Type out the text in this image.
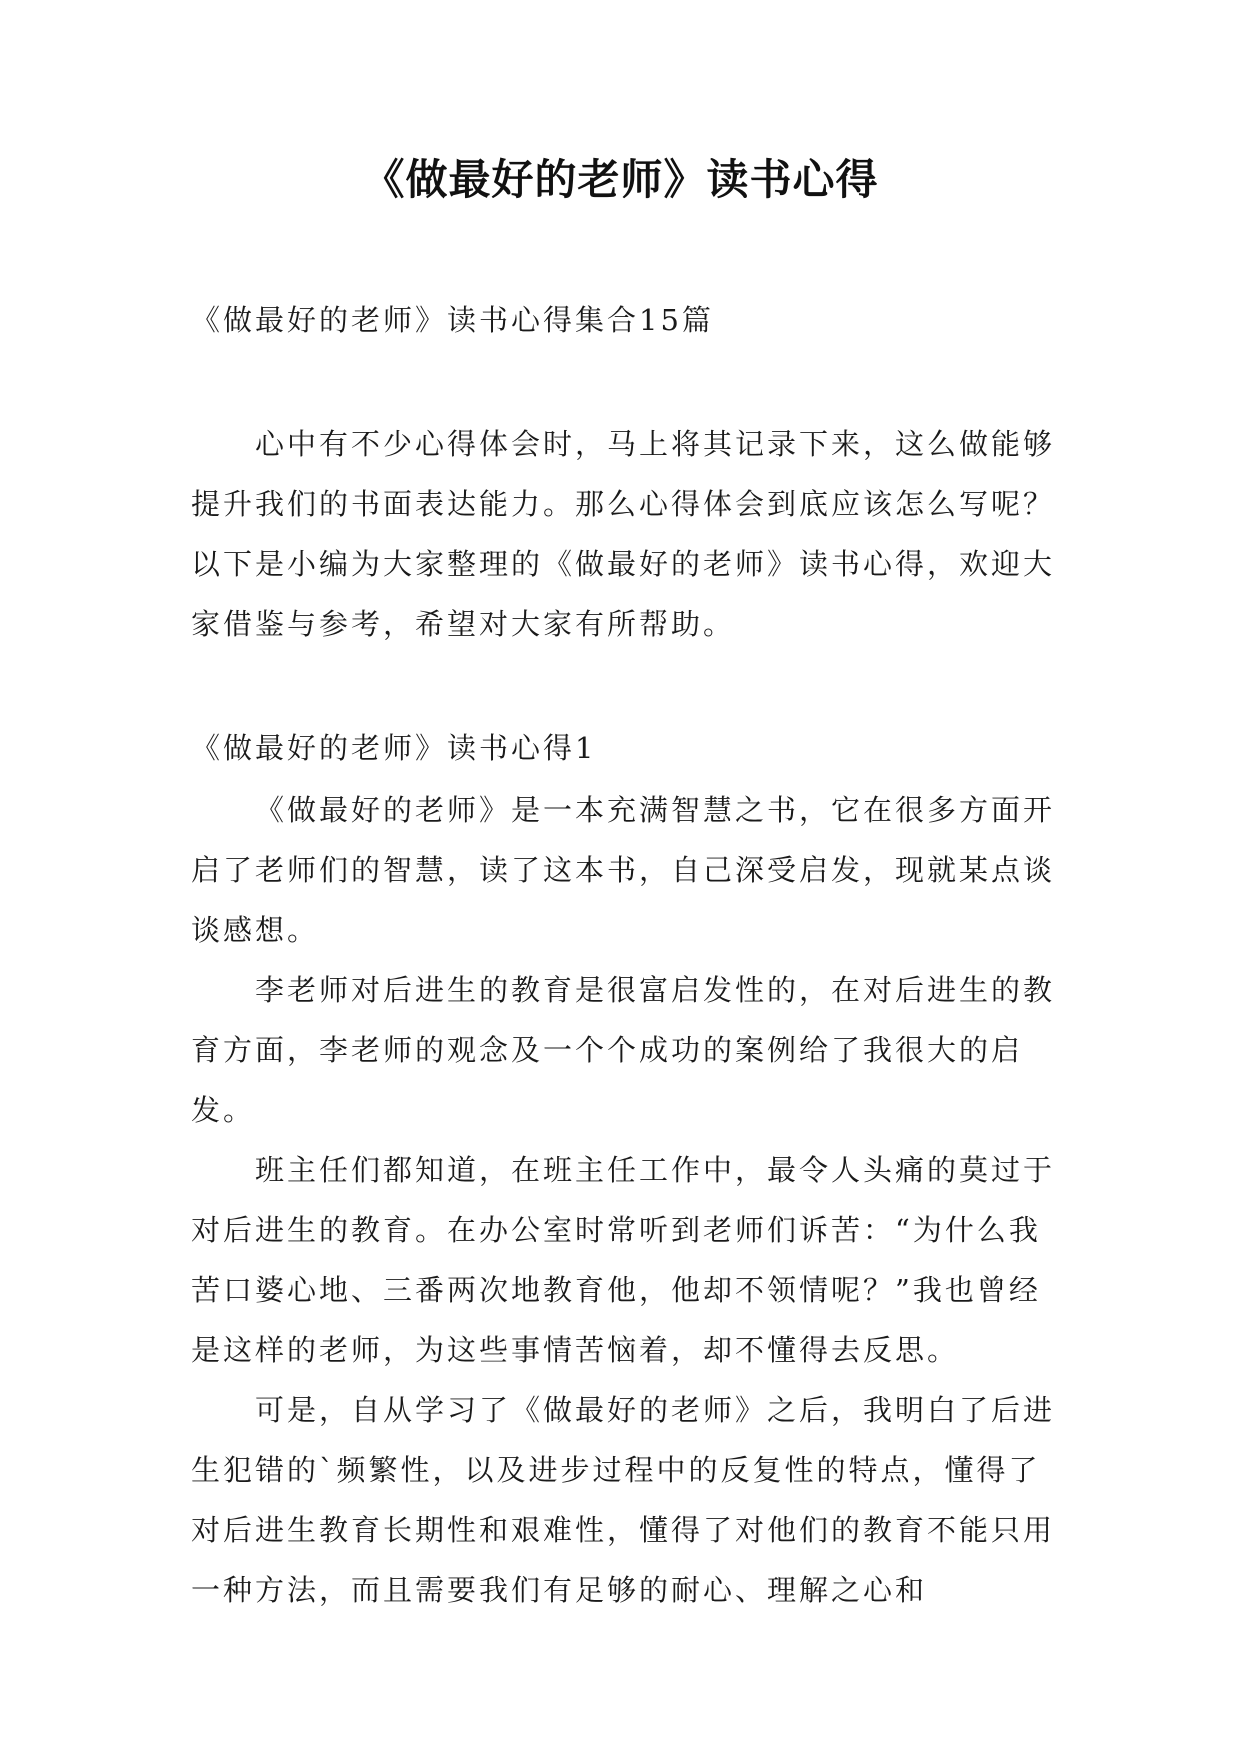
《做最好的老师》读书心得

《做最好的老师》读书心得集合15篇

心中有不少心得体会时，马上将其记录下来，这么做能够提升我们的书面表达能力。那么心得体会到底应该怎么写呢？以下是小编为大家整理的《做最好的老师》读书心得，欢迎大家借鉴与参考，希望对大家有所帮助。

《做最好的老师》读书心得1

《做最好的老师》是一本充满智慧之书，它在很多方面开启了老师们的智慧，读了这本书，自己深受启发，现就某点谈谈感想。

李老师对后进生的教育是很富启发性的，在对后进生的教育方面，李老师的观念及一个个成功的案例给了我很大的启发。

班主任们都知道，在班主任工作中，最令人头痛的莫过于对后进生的教育。在办公室时常听到老师们诉苦：“为什么我苦口婆心地、三番两次地教育他，他却不领情呢？”我也曾经是这样的老师，为这些事情苦恼着，却不懂得去反思。

可是，自从学习了《做最好的老师》之后，我明白了后进生犯错的`频繁性，以及进步过程中的反复性的特点，懂得了对后进生教育长期性和艰难性，懂得了对他们的教育不能只用一种方法，而且需要我们有足够的耐心、理解之心和
